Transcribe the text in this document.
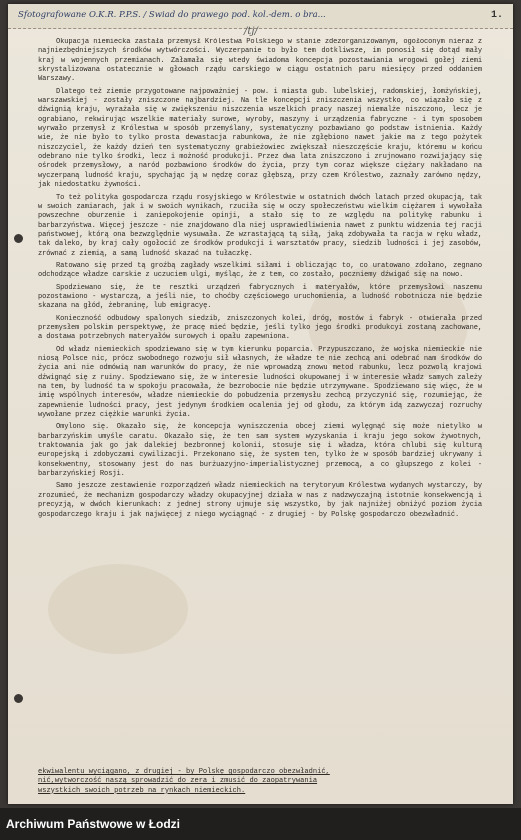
Sfotografowane O.K.R. P.P.S. / Swiad do prawego pod. kol.-dem. o bra...	1.
/tj/

Okupacja niemiecka zastała przemysł Królestwa Polskiego w stanie zdezorganizowanym, ogołoconym nieraz z najniezbędniejszych środków wytwórczości. Wyczerpanie to było tem dotkliwsze, im ponosił się dotąd mały kraj w wojennych przemianach. Załamała się wtedy świadoma koncepcja pozostawiania wrogowi gołej ziemi skrystalizowana ostatecznie w głowach rządu carskiego w ciągu ostatnich paru miesięcy przed oddaniem Warszawy.

Dlatego też ziemie przygotowane najpoważniej - pow. i miasta gub. lubelskiej, radomskiej, łomżyńskiej, warszawskiej - zostały zniszczone najbardziej. Na tle koncepcji zniszczenia wszystko, co wiązało się z dźwignią kraju, wyrażała się w zwiększeniu niszczenia wszelkich pracy naszej niemalże niszczono, lecz je ograbiano, rekwirując wszelkie materiały surowe, wyroby, maszyny i urządzenia fabryczne - i tym sposobem wyrwało przemysł z Królestwa w sposób przemyślany, systematyczny pozbawiano go podstaw istnienia. Każdy wie, że nie było to tylko prosta dewastacja rabunkowa, że nie zgłębiono nawet jakie ma z tego pożytek niszczyciel, że każdy dzień ten systematyczny grabieżowiec zwiększał nieszczęście kraju, któremu w końcu odebrano nie tylko środki, lecz i możność produkcji. Przez dwa lata zniszczono i zrujnowano rozwijający się ośrodek przemysłowy, a naród pozbawiono środków do życia, przy tym coraz większe ciężary nakładano na wyczerpaną ludność kraju, spychając ją w nędzę coraz głębszą, przy czem Królestwo, zaznały zarówno nędzy, jak niedostatku żywności.

To też polityka gospodarcza rządu rosyjskiego w Królestwie w ostatnich dwóch latach przed okupacją, tak w swoich zamiarach, jak i w swoich wynikach, rzuciła się w oczy społeczeństwu wielkim ciężarem i wywołała powszechne oburzenie i zaniepokojenie opinji, a stało się to ze względu na politykę rabunku i barbarzyństwa. Więcej jeszcze - nie znajdowano dla niej usprawiedliwienia nawet z punktu widzenia tej racji państwowej, którą ona bezwzględnie wysuwała. Ze wzrastającą tą siłą, jaką zdobywała ta racja w ręku władz, tak daleko, by kraj cały ogołocić ze środków produkcji i warsztatów pracy, siedzib ludności i jej zasobów, zrównać z ziemią, a samą ludność skazać na tułaczkę.

Ratowano się przed tą groźbą zagłady wszelkimi siłami i obliczając to, co uratowano zdołano, zegnano odchodzące władze carskie z uczuciem ulgi, myśląc, że z tem, co zostało, poczniemy dźwigać się na nowo.

Spodziewano się, że te resztki urządzeń fabrycznych i materyałów, które przemysłowi naszemu pozostawiono - wystarczą, a jeśli nie, to choćby częściowego uruchomienia, a ludność robotnicza nie będzie skazana na głód, żebraninę, lub emigracyę.

Konieczność odbudowy spalonych siedzib, zniszczonych kolei, dróg, mostów i fabryk - otwierała przed przemysłem polskim perspektywę, że pracę mieć będzie, jeśli tylko jego środki produkcyi zostaną zachowane, a dostawa potrzebnych materyałów surowych i opału zapewniona.

Od władz niemieckich spodziewano się w tym kierunku poparcia. Przypuszczano, że wojska niemieckie nie niosą Polsce nic, prócz swobodnego rozwoju sił własnych, że władze te nie zechcą ani odebrać nam środków do życia ani nie odmówią nam warunków do pracy, że nie wprowadzą znowu metod rabunku, lecz pozwolą krajowi dźwignąć się z ruiny. Spodziewano się, że w interesie ludności okupowanej i w interesie władz samych zależy na tem, by ludność ta w spokoju pracowała, że bezrobocie nie będzie utrzymywane. Spodziewano się więc, że w imię wspólnych interesów, władze niemieckie do pobudzenia przemysłu zechcą przyczynić się, rozumiejąc, że zapewnienie ludności pracy, jest jedynym środkiem ocalenia jej od głodu, za którym idą zazwyczaj rozruchy wywołane przez ciężkie warunki życia.

Omylono się. Okazało się, że koncepcja wyniszczenia obcej ziemi wylęgnąć się może nietylko w barbarzyńskim umyśle caratu. Okazało się, że ten sam system wyzyskania i kraju jego sokow żywotnych, traktowania jak go jak dalekiej bezbronnej kolonii, stosuje się i władza, która chlubi się kulturą europejską i zdobyczami cywilizacji. Przekonano się, że system ten, tylko że w sposób bardziej ukrywany i konsekwentny, stosowany jest do nas burżuazyjno-imperialistycznej przemocą, a co głupszego z kolei - barbarzyńskiej Rosji.

Samo jeszcze zestawienie rozporządzeń władz niemieckich na terytoryum Królestwa wydanych wystarczy, by zrozumieć, że mechanizm gospodarczy władzy okupacyjnej działa w nas z nadzwyczajną istotnie konsekwencją i precyzją, w dwóch kierunkach: z jednej strony ujmuje się wszystko, by jak najniżej obniżyć poziom życia gospodarczego kraju i jak najwięcej z niego wyciągnąć - z drugiej - by Polskę gospodarczo obezwładnić.

ekwiwalentu wyciągano, z drugiej - by Polskę gospodarczo obezwładnić,
nić,wytworczość naszą sprowadzić do zera i zmusić do zaopatrywania
wszystkich swoich potrzeb na rynkach niemieckich.
Archiwum Państwowe w Łodzi
